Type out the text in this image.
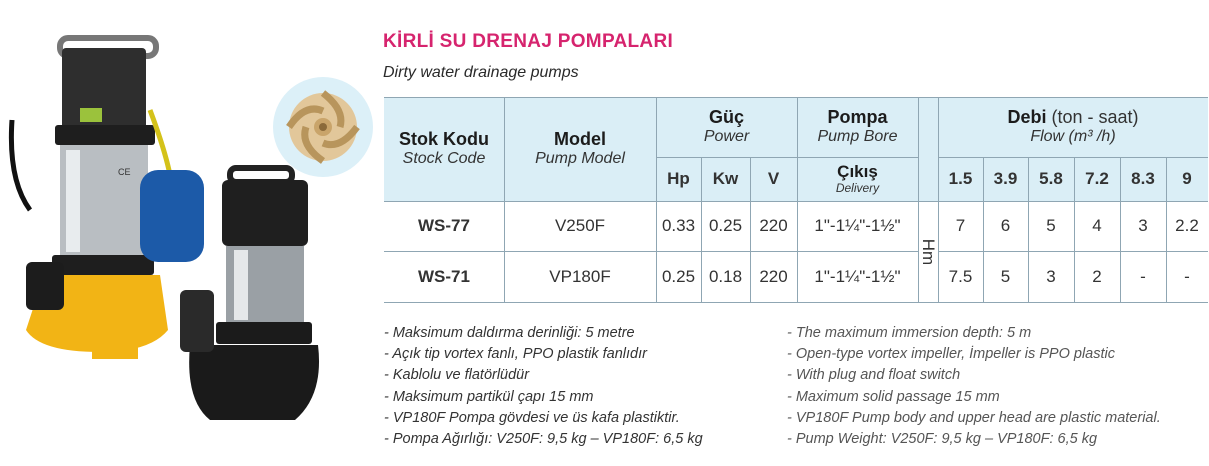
CE
KİRLİ SU DRENAJ POMPALARI
Dirty water drainage pumps
Stok Kodu
Stock Code
Model
Pump Model
Güç
Power
Hp	Kw	V
Pompa
Pump Bore
Çıkış
Delivery
Debi (ton - saat)
Flow (m³ /h)
1.5	3.9	5.8	7.2	8.3	9
Hm
WS-77	V250F	0.33 0.25	220	1"-1¼"-1½"	7	6	5	4	3	2.2
WS-71	VP180F	0.25 0.18	220	1"-1¼"-1½"	7.5	5	3	2	-	-
- Maksimum daldırma derinliği: 5 metre
- Açık tip vortex fanlı, PPO plastik fanlıdır
- Kablolu ve flatörlüdür
- Maksimum partikül çapı 15 mm
- VP180F Pompa gövdesi ve üs kafa plastiktir.
- Pompa Ağırlığı: V250F: 9,5 kg – VP180F: 6,5 kg
- The maximum immersion depth: 5 m
- Open-type vortex impeller, İmpeller is PPO plastic
- With plug and float switch
- Maximum solid passage 15 mm
- VP180F Pump body and upper head are plastic material.
- Pump Weight: V250F: 9,5 kg – VP180F: 6,5 kg
